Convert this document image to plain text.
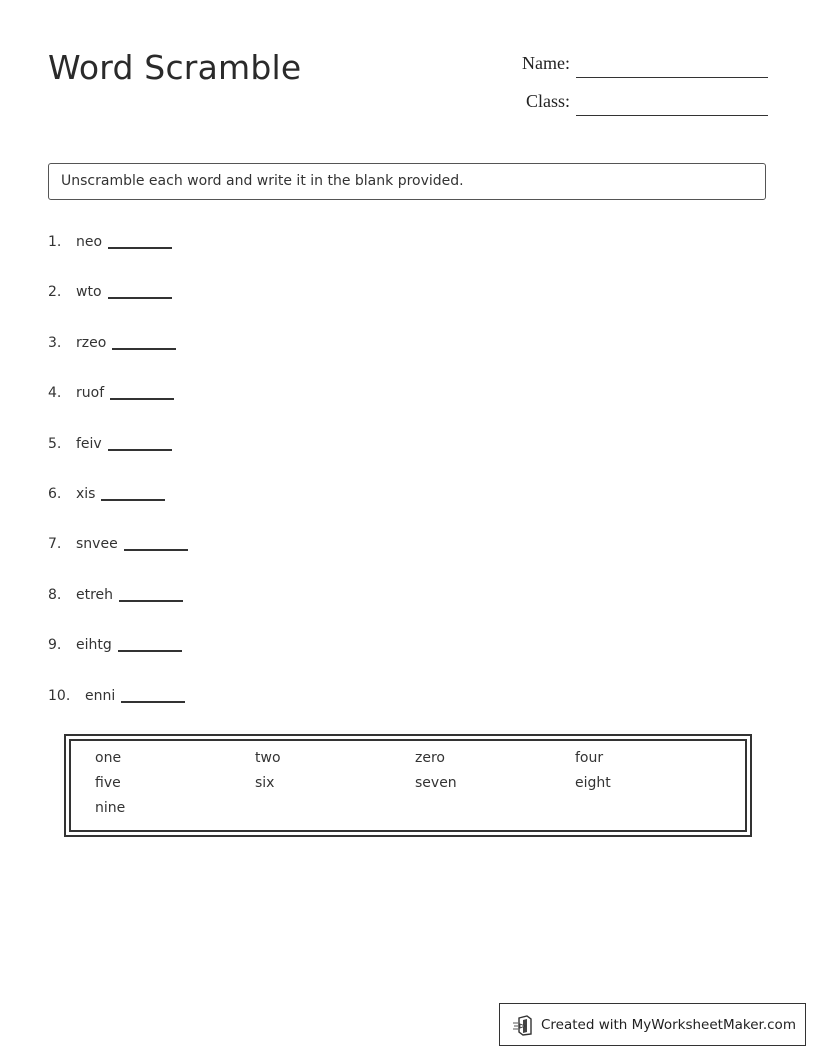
Word Scramble	Name:
Class:
Unscramble each word and write it in the blank provided.
1. neo
2. wto
3. rzeo
4. ruof
5. feiv
6. xis
7. snvee
8. etreh
9. eihtg
10. enni
one	two	zero	four
five	six	seven	eight
nine
Created with MyWorksheetMaker.com
